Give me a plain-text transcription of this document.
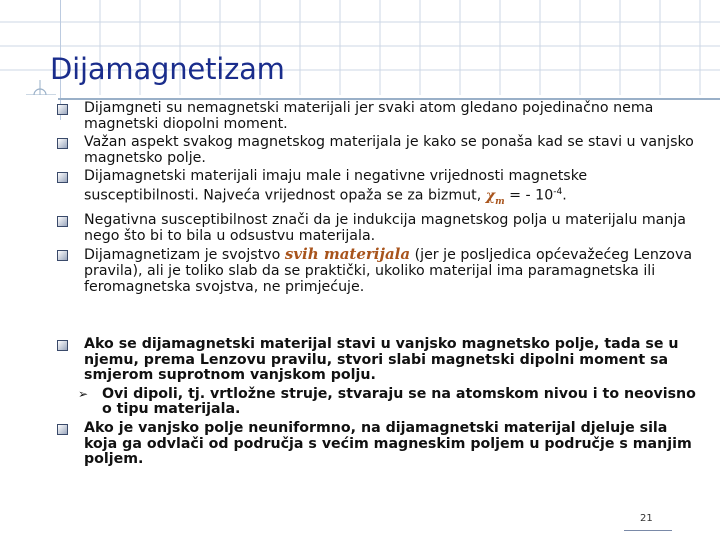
Dijamagnetizam
Dijamgneti su nemagnetski materijali jer svaki atom gledano pojedinačno nema magnetski diopolni moment.
Važan aspekt svakog magnetskog materijala je kako se ponaša kad se stavi u vanjsko magnetsko polje.
Dijamagnetski materijali imaju male i negativne vrijednosti magnetske susceptibilnosti. Najveća vrijednost opaža se za bizmut, $\chi_m$ = - $10^{-4}$.
Negativna susceptibilnost znači da je indukcija magnetskog polja u materijalu manja nego što bi to bila u odsustvu materijala.
Dijamagnetizam je svojstvo svih materijala (jer je posljedica općevažećeg Lenzova pravila), ali je toliko slab da se praktički, ukoliko materijal ima paramagnetska ili feromagnetska svojstva, ne primjećuje.
Ako se dijamagnetski materijal stavi u vanjsko magnetsko polje, tada se u njemu, prema Lenzovu pravilu, stvori slabi magnetski dipolni moment sa smjerom suprotnom vanjskom polju.
➢ Ovi dipoli, tj. vrtložne struje, stvaraju se na atomskom nivou i to neovisno o tipu materijala.
Ako je vanjsko polje neuniformno, na dijamagnetski materijal djeluje sila koja ga odvlači od područja s većim magneskim poljem u područje s manjim poljem.
21
